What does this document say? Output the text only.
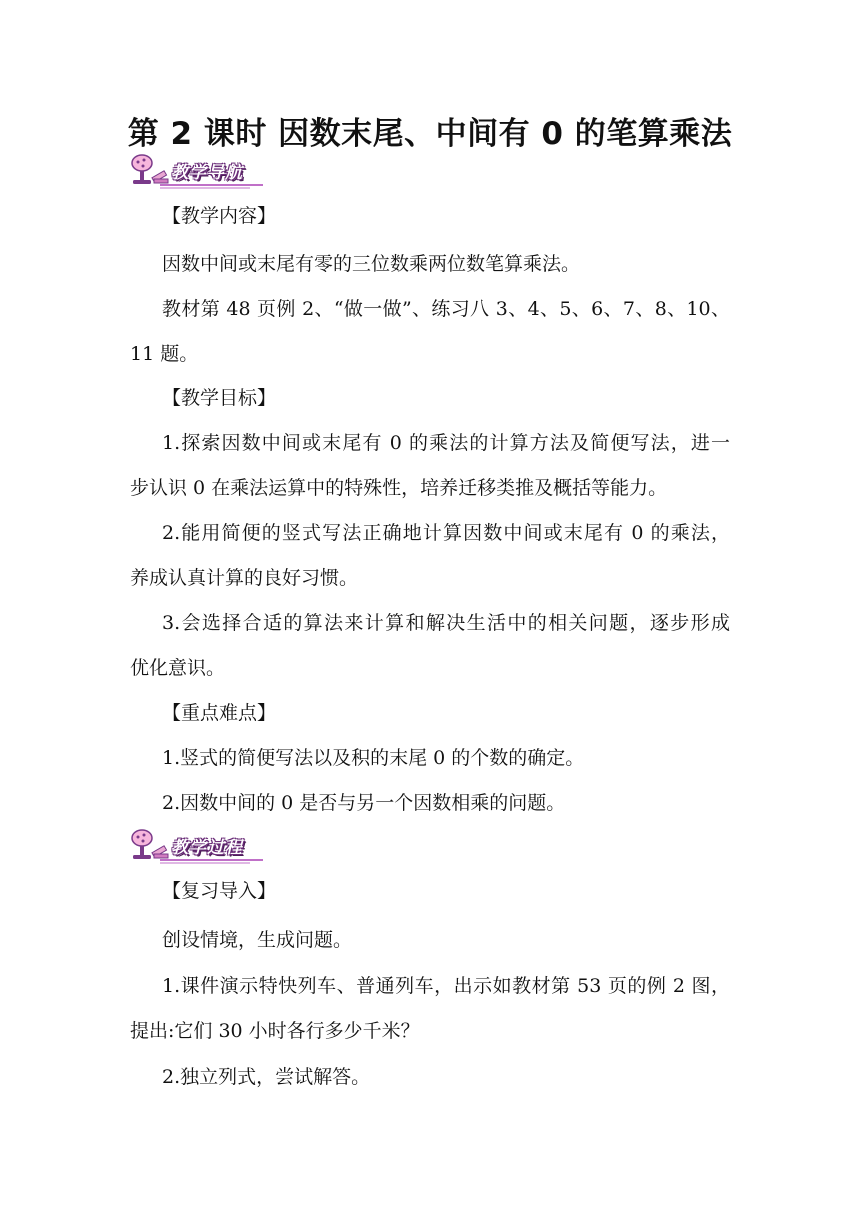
第 2 课时 因数末尾、中间有 0 的笔算乘法
教学导航
【教学内容】
因数中间或末尾有零的三位数乘两位数笔算乘法。
教材第 48 页例 2、“做一做”、练习八 3、4、5、6、7、8、10、
11 题。
【教学目标】
1.探索因数中间或末尾有 0 的乘法的计算方法及简便写法，进一
步认识 0 在乘法运算中的特殊性，培养迁移类推及概括等能力。
2.能用简便的竖式写法正确地计算因数中间或末尾有 0 的乘法，
养成认真计算的良好习惯。
3.会选择合适的算法来计算和解决生活中的相关问题，逐步形成
优化意识。
【重点难点】
1.竖式的简便写法以及积的末尾 0 的个数的确定。
2.因数中间的 0 是否与另一个因数相乘的问题。
教学过程
【复习导入】
创设情境，生成问题。
1.课件演示特快列车、普通列车，出示如教材第 53 页的例 2 图，
提出:它们 30 小时各行多少千米？
2.独立列式，尝试解答。
